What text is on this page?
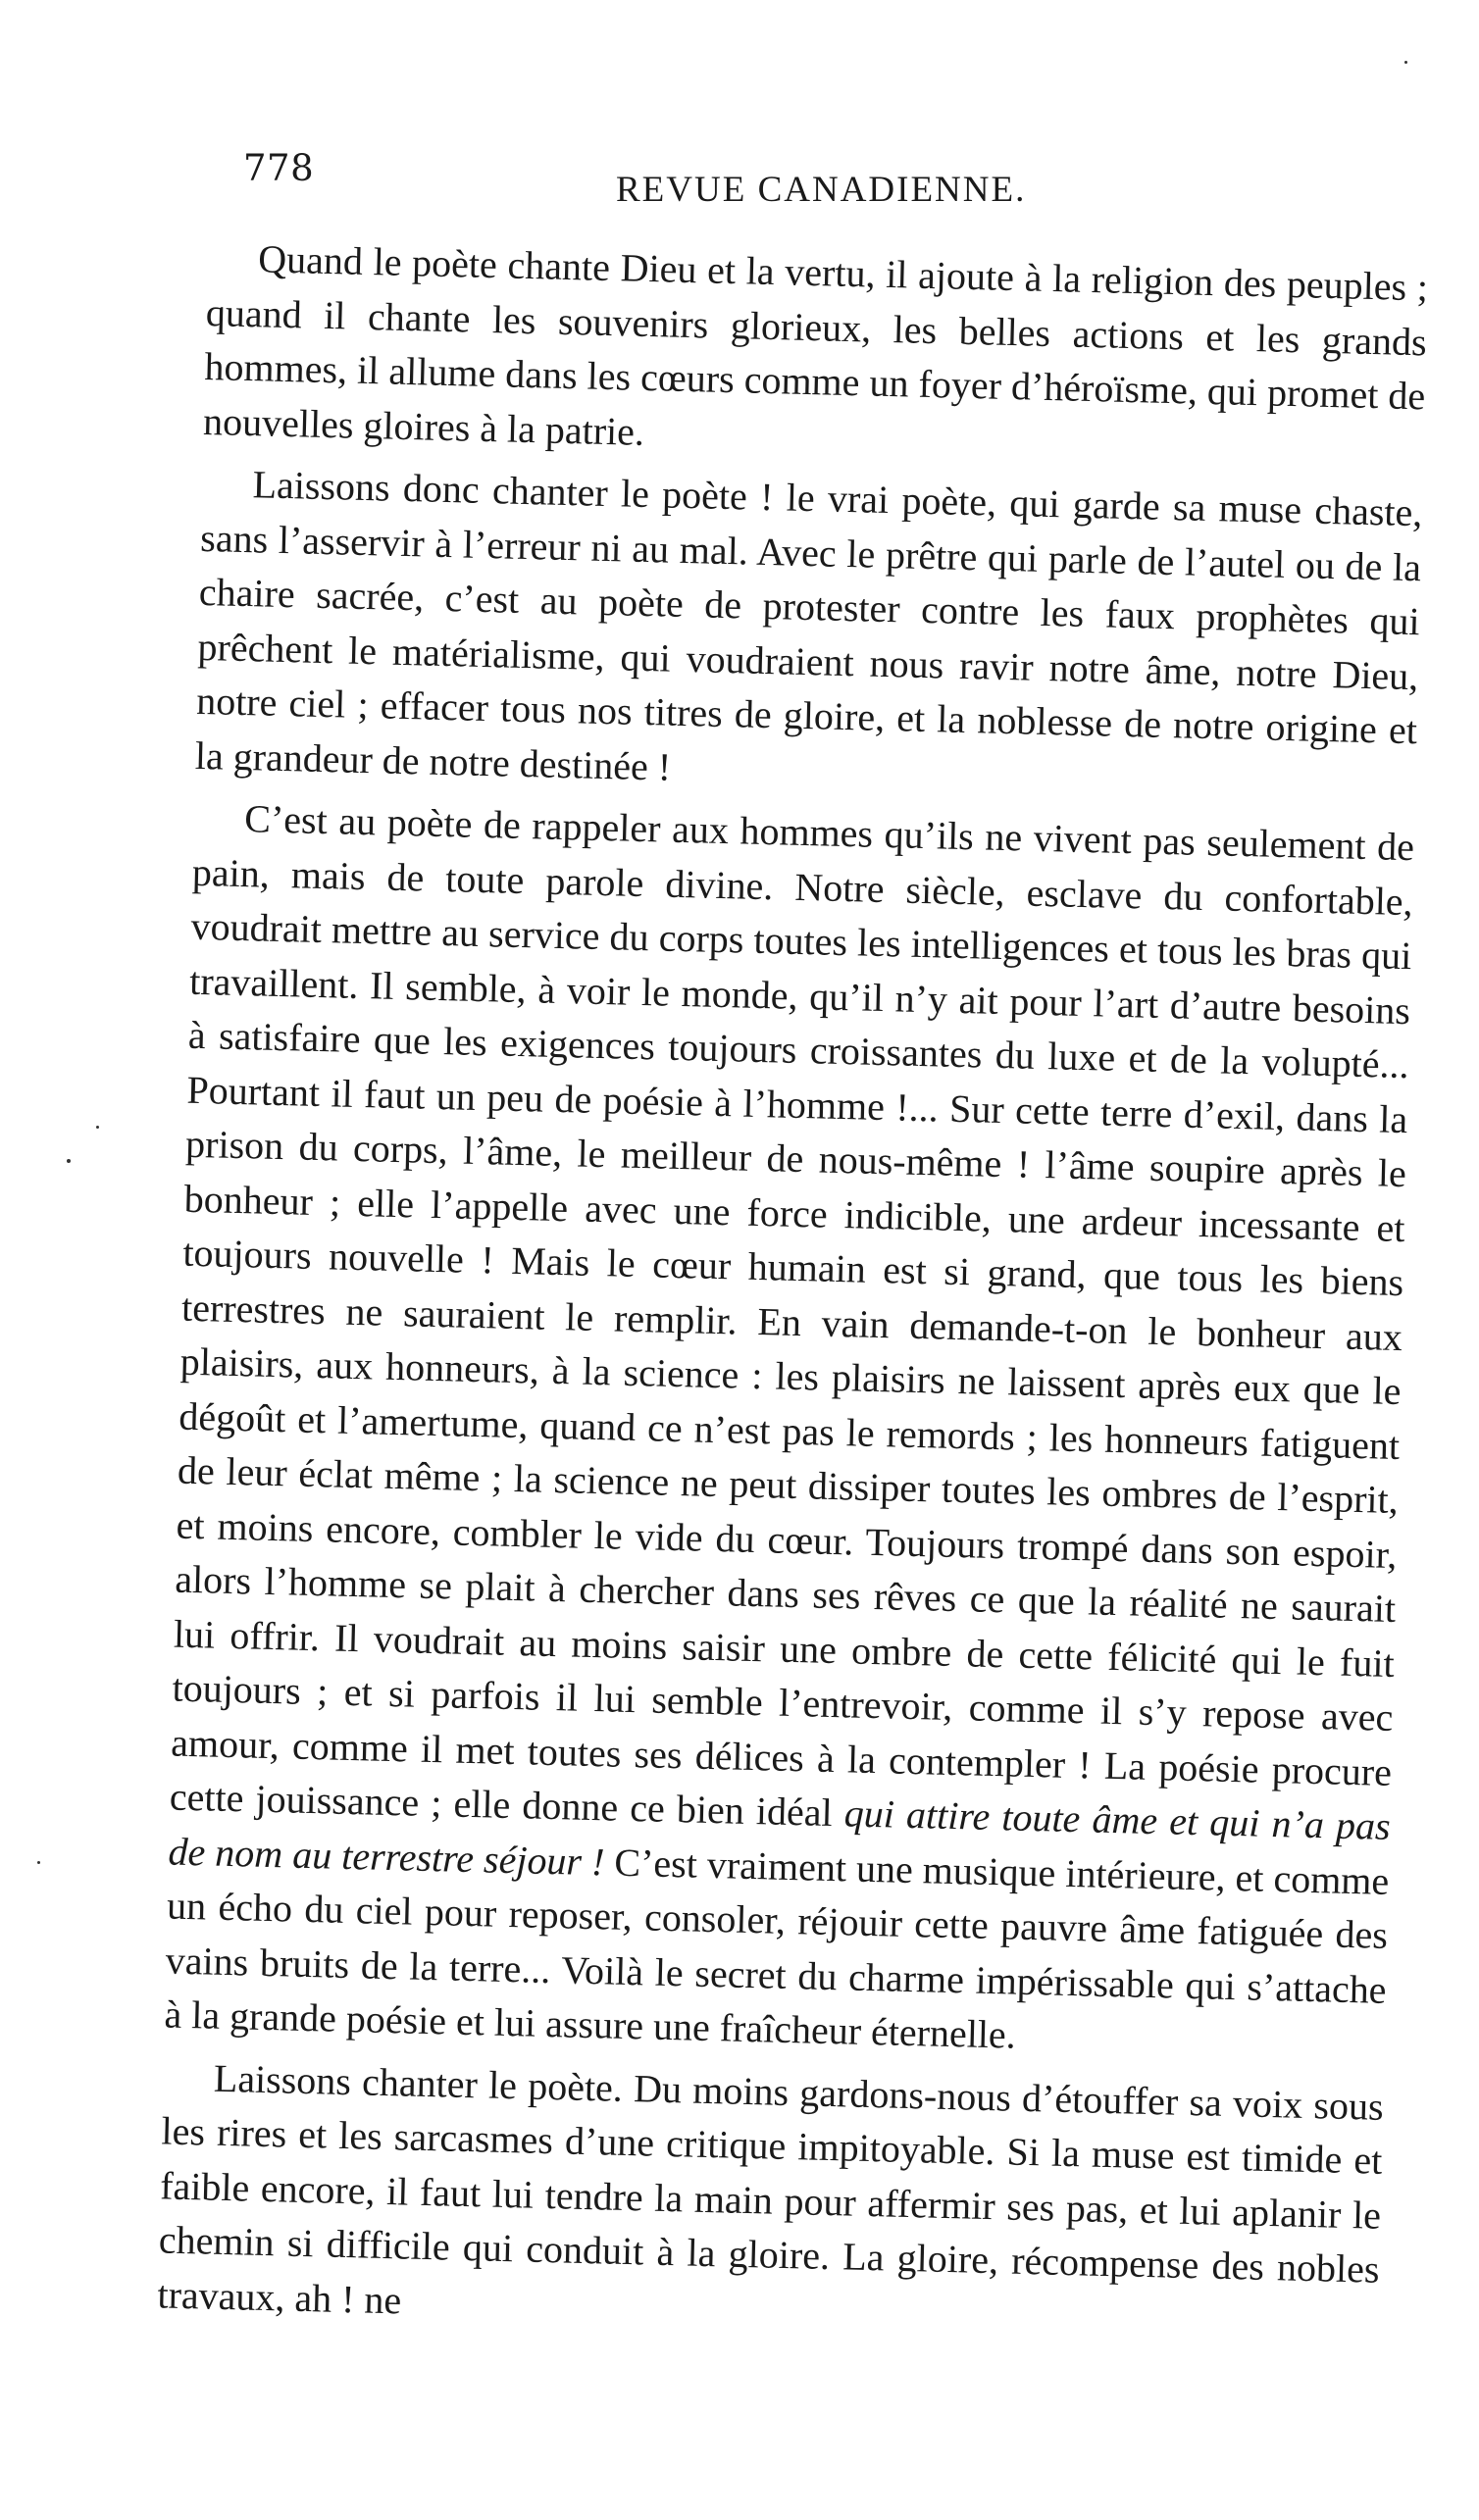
778
REVUE CANADIENNE.

Quand le poète chante Dieu et la vertu, il ajoute à la religion des peuples ; quand il chante les souvenirs glorieux, les belles actions et les grands hommes, il allume dans les cœurs comme un foyer d’héroïsme, qui promet de nouvelles gloires à la patrie.

Laissons donc chanter le poète ! le vrai poète, qui garde sa muse chaste, sans l’asservir à l’erreur ni au mal. Avec le prêtre qui parle de l’autel ou de la chaire sacrée, c’est au poète de protester contre les faux prophètes qui prêchent le matérialisme, qui voudraient nous ravir notre âme, notre Dieu, notre ciel ; effacer tous nos titres de gloire, et la noblesse de notre origine et la grandeur de notre destinée !

C’est au poète de rappeler aux hommes qu’ils ne vivent pas seulement de pain, mais de toute parole divine. Notre siècle, esclave du confortable, voudrait mettre au service du corps toutes les intelligences et tous les bras qui travaillent. Il semble, à voir le monde, qu’il n’y ait pour l’art d’autre besoins à satisfaire que les exigences toujours croissantes du luxe et de la volupté... Pourtant il faut un peu de poésie à l’homme !... Sur cette terre d’exil, dans la prison du corps, l’âme, le meilleur de nous-même ! l’âme soupire après le bonheur ; elle l’appelle avec une force indicible, une ardeur incessante et toujours nouvelle ! Mais le cœur humain est si grand, que tous les biens terrestres ne sauraient le remplir. En vain demande-t-on le bonheur aux plaisirs, aux honneurs, à la science : les plaisirs ne laissent après eux que le dégoût et l’amertume, quand ce n’est pas le remords ; les honneurs fatiguent de leur éclat même ; la science ne peut dissiper toutes les ombres de l’esprit, et moins encore, combler le vide du cœur. Toujours trompé dans son espoir, alors l’homme se plait à chercher dans ses rêves ce que la réalité ne saurait lui offrir. Il voudrait au moins saisir une ombre de cette félicité qui le fuit toujours ; et si parfois il lui semble l’entrevoir, comme il s’y repose avec amour, comme il met toutes ses délices à la contempler ! La poésie procure cette jouissance ; elle donne ce bien idéal qui attire toute âme et qui n’a pas de nom au terrestre séjour ! C’est vraiment une musique intérieure, et comme un écho du ciel pour reposer, consoler, réjouir cette pauvre âme fatiguée des vains bruits de la terre... Voilà le secret du charme impérissable qui s’attache à la grande poésie et lui assure une fraîcheur éternelle.

Laissons chanter le poète. Du moins gardons-nous d’étouffer sa voix sous les rires et les sarcasmes d’une critique impitoyable. Si la muse est timide et faible encore, il faut lui tendre la main pour affermir ses pas, et lui aplanir le chemin si difficile qui conduit à la gloire. La gloire, récompense des nobles travaux, ah ! ne
